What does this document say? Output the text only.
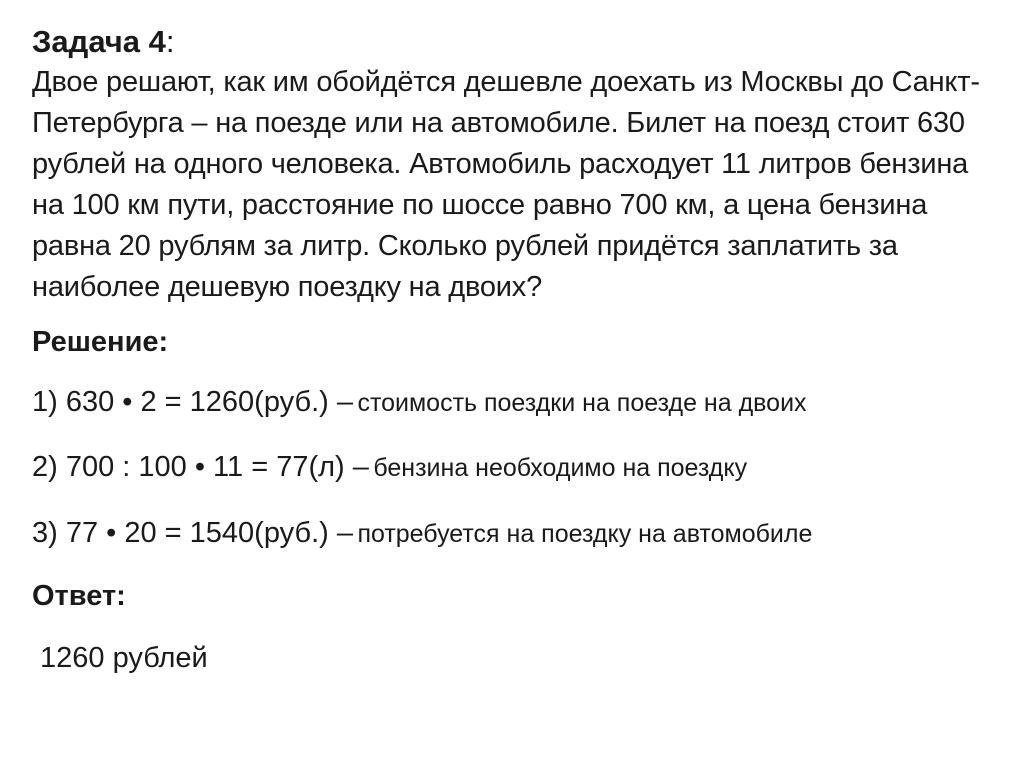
Задача 4:

Двое решают, как им обойдётся дешевле доехать из Москвы до Санкт-Петербурга – на поезде или на автомобиле. Билет на поезд стоит 630 рублей на одного человека. Автомобиль расходует 11 литров бензина на 100 км пути, расстояние по шоссе равно 700 км, а цена бензина равна 20 рублям за литр. Сколько рублей придётся заплатить за наиболее дешевую поездку на двоих?

Решение:

1) 630 • 2 = 1260(руб.) – стоимость поездки на поезде на двоих

2) 700 : 100 • 11 = 77(л) – бензина необходимо на поездку

3) 77 • 20 = 1540(руб.) – потребуется на поездку на автомобиле

Ответ:

1260 рублей
